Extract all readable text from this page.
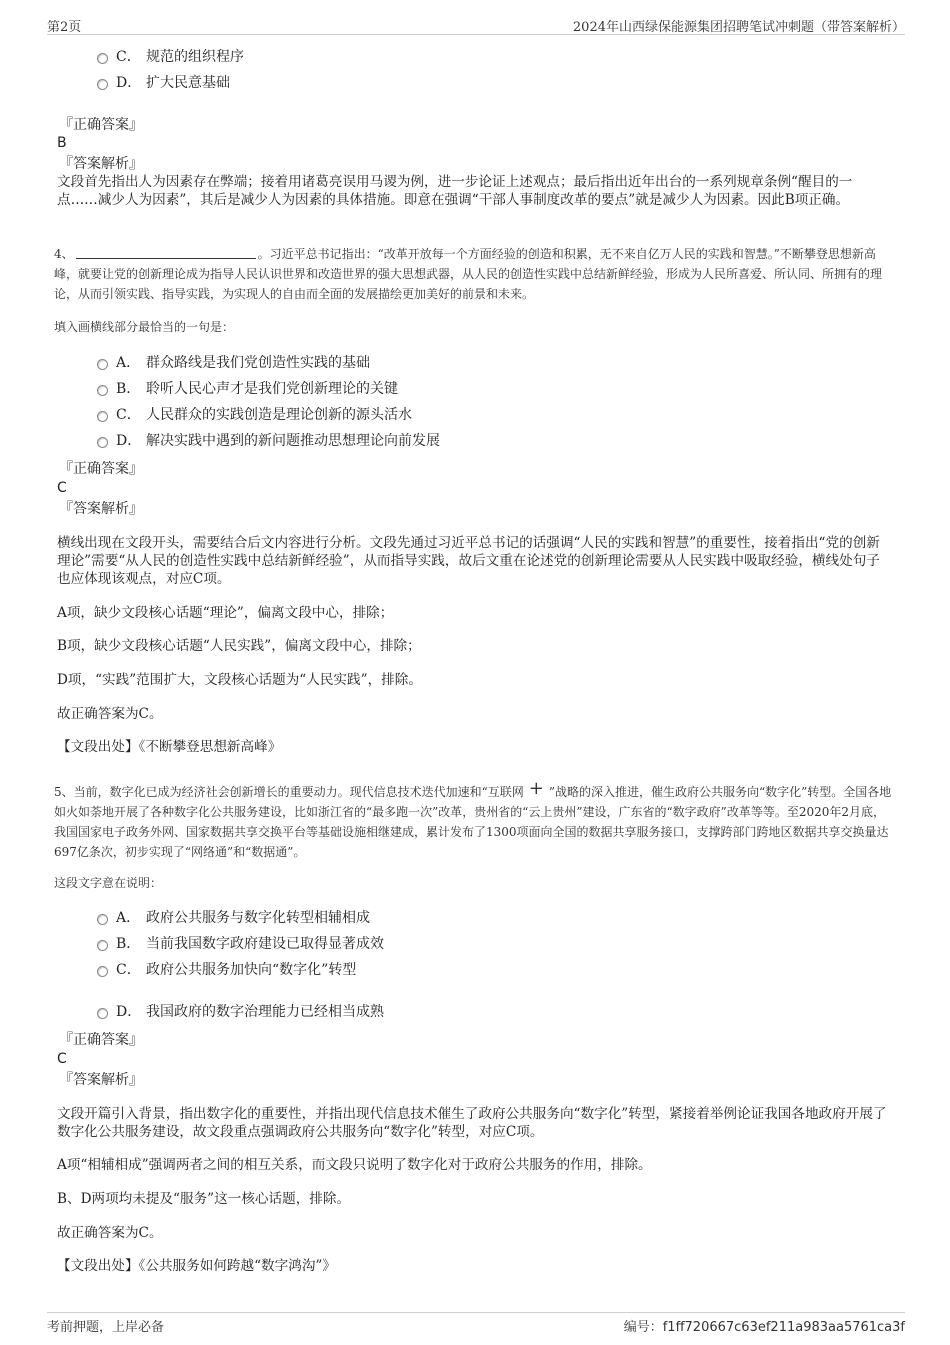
第2页	2024年山西绿保能源集团招聘笔试冲刺题（带答案解析）
C． 规范的组织程序
D． 扩大民意基础
『正确答案』
B
『答案解析』
文段首先指出人为因素存在弊端；接着用诸葛亮误用马谡为例，进一步论证上述观点；最后指出近年出台的一系列规章条例“醒目的一点……减少人为因素”，其后是减少人为因素的具体措施。即意在强调“干部人事制度改革的要点”就是减少人为因素。因此B项正确。
4、	。习近平总书记指出：“改革开放每一个方面经验的创造和积累，无不来自亿万人民的实践和智慧。”不断攀登思想新高峰，就要让党的创新理论成为指导人民认识世界和改造世界的强大思想武器，从人民的创造性实践中总结新鲜经验，形成为人民所喜爱、所认同、所拥有的理论，从而引领实践、指导实践，为实现人的自由而全面的发展描绘更加美好的前景和未来。
填入画横线部分最恰当的一句是：
A． 群众路线是我们党创造性实践的基础
B． 聆听人民心声才是我们党创新理论的关键
C． 人民群众的实践创造是理论创新的源头活水
D． 解决实践中遇到的新问题推动思想理论向前发展
『正确答案』
C
『答案解析』
横线出现在文段开头，需要结合后文内容进行分析。文段先通过习近平总书记的话强调“人民的实践和智慧”的重要性，接着指出“党的创新理论”需要“从人民的创造性实践中总结新鲜经验”，从而指导实践，故后文重在论述党的创新理论需要从人民实践中吸取经验，横线处句子也应体现该观点，对应C项。
A项，缺少文段核心话题“理论”，偏离文段中心，排除；
B项，缺少文段核心话题“人民实践”，偏离文段中心，排除；
D项，“实践”范围扩大，文段核心话题为“人民实践”，排除。
故正确答案为C。
【文段出处】《不断攀登思想新高峰》
5、当前，数字化已成为经济社会创新增长的重要动力。现代信息技术迭代加速和“互联网 + ”战略的深入推进，催生政府公共服务向“数字化”转型。全国各地如火如荼地开展了各种数字化公共服务建设，比如浙江省的“最多跑一次”改革，贵州省的“云上贵州”建设，广东省的“数字政府”改革等等。至2020年2月底，我国国家电子政务外网、国家数据共享交换平台等基础设施相继建成，累计发布了1300项面向全国的数据共享服务接口，支撑跨部门跨地区数据共享交换量达697亿条次，初步实现了“网络通”和“数据通”。
这段文字意在说明：
A． 政府公共服务与数字化转型相辅相成
B． 当前我国数字政府建设已取得显著成效
C． 政府公共服务加快向“数字化”转型
D． 我国政府的数字治理能力已经相当成熟
『正确答案』
C
『答案解析』
文段开篇引入背景，指出数字化的重要性，并指出现代信息技术催生了政府公共服务向“数字化”转型，紧接着举例论证我国各地政府开展了数字化公共服务建设，故文段重点强调政府公共服务向“数字化”转型，对应C项。
A项“相辅相成”强调两者之间的相互关系，而文段只说明了数字化对于政府公共服务的作用，排除。
B、D两项均未提及“服务”这一核心话题，排除。
故正确答案为C。
【文段出处】《公共服务如何跨越“数字鸿沟”》
考前押题，上岸必备	编号：f1ff720667c63ef211a983aa5761ca3f
